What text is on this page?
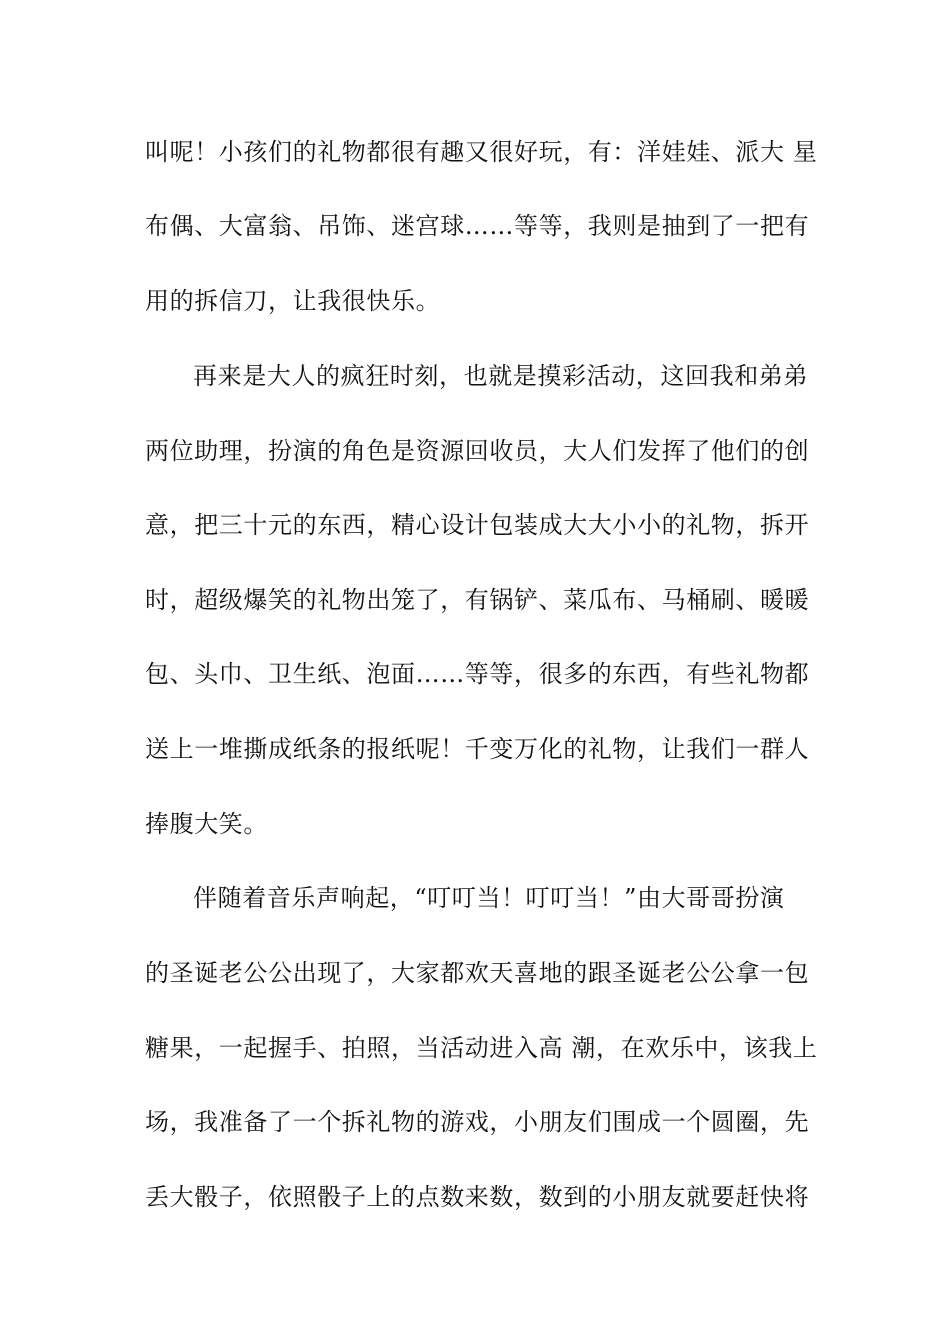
叫呢！小孩们的礼物都很有趣又很好玩，有：洋娃娃、派大 星
布偶、大富翁、吊饰、迷宫球……等等，我则是抽到了一把有
用的拆信刀，让我很快乐。
再来是大人的疯狂时刻，也就是摸彩活动，这回我和弟弟
两位助理，扮演的角色是资源回收员，大人们发挥了他们的创
意，把三十元的东西，精心设计包装成大大小小的礼物，拆开
时，超级爆笑的礼物出笼了，有锅铲、菜瓜布、马桶刷、暖暖
包、头巾、卫生纸、泡面……等等，很多的东西，有些礼物都
送上一堆撕成纸条的报纸呢！千变万化的礼物，让我们一群人
捧腹大笑。
伴随着音乐声响起，“叮叮当！叮叮当！”由大哥哥扮演
的圣诞老公公出现了，大家都欢天喜地的跟圣诞老公公拿一包
糖果，一起握手、拍照，当活动进入高 潮，在欢乐中，该我上
场，我准备了一个拆礼物的游戏，小朋友们围成一个圆圈，先
丢大骰子，依照骰子上的点数来数，数到的小朋友就要赶快将
